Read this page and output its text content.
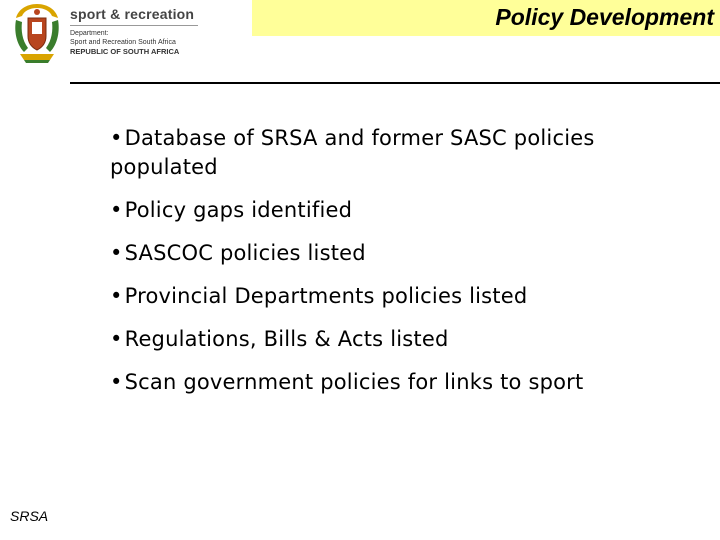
sport & recreation
Department:
Sport and Recreation South Africa
REPUBLIC OF SOUTH AFRICA
Policy Development
•Database of SRSA and former SASC policies populated
•Policy gaps identified
•SASCOC policies listed
•Provincial Departments policies listed
•Regulations, Bills & Acts listed
•Scan government policies for links to sport
SRSA
